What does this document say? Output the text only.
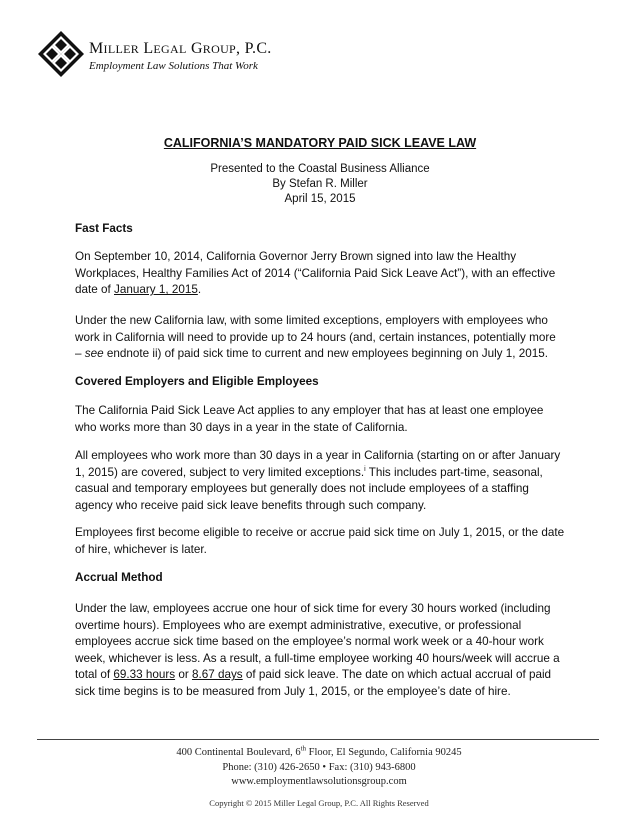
MILLER LEGAL GROUP, P.C.
Employment Law Solutions That Work
CALIFORNIA’S MANDATORY PAID SICK LEAVE LAW
Presented to the Coastal Business Alliance
By Stefan R. Miller
April 15, 2015
Fast Facts

On September 10, 2014, California Governor Jerry Brown signed into law the Healthy Workplaces, Healthy Families Act of 2014 (“California Paid Sick Leave Act”), with an effective date of January 1, 2015.

Under the new California law, with some limited exceptions, employers with employees who work in California will need to provide up to 24 hours (and, certain instances, potentially more – see endnote ii) of paid sick time to current and new employees beginning on July 1, 2015.

Covered Employers and Eligible Employees

The California Paid Sick Leave Act applies to any employer that has at least one employee who works more than 30 days in a year in the state of California.

All employees who work more than 30 days in a year in California (starting on or after January 1, 2015) are covered, subject to very limited exceptions.$^i$ This includes part-time, seasonal, casual and temporary employees but generally does not include employees of a staffing agency who receive paid sick leave benefits through such company.

Employees first become eligible to receive or accrue paid sick time on July 1, 2015, or the date of hire, whichever is later.

Accrual Method

Under the law, employees accrue one hour of sick time for every 30 hours worked (including overtime hours). Employees who are exempt administrative, executive, or professional employees accrue sick time based on the employee’s normal work week or a 40-hour work week, whichever is less. As a result, a full-time employee working 40 hours/week will accrue a total of 69.33 hours or 8.67 days of paid sick leave. The date on which actual accrual of paid sick time begins is to be measured from July 1, 2015, or the employee’s date of hire.

400 Continental Boulevard, 6th Floor, El Segundo, California 90245
Phone: (310) 426-2650 • Fax: (310) 943-6800
www.employmentlawsolutionsgroup.com
Copyright © 2015 Miller Legal Group, P.C. All Rights Reserved
